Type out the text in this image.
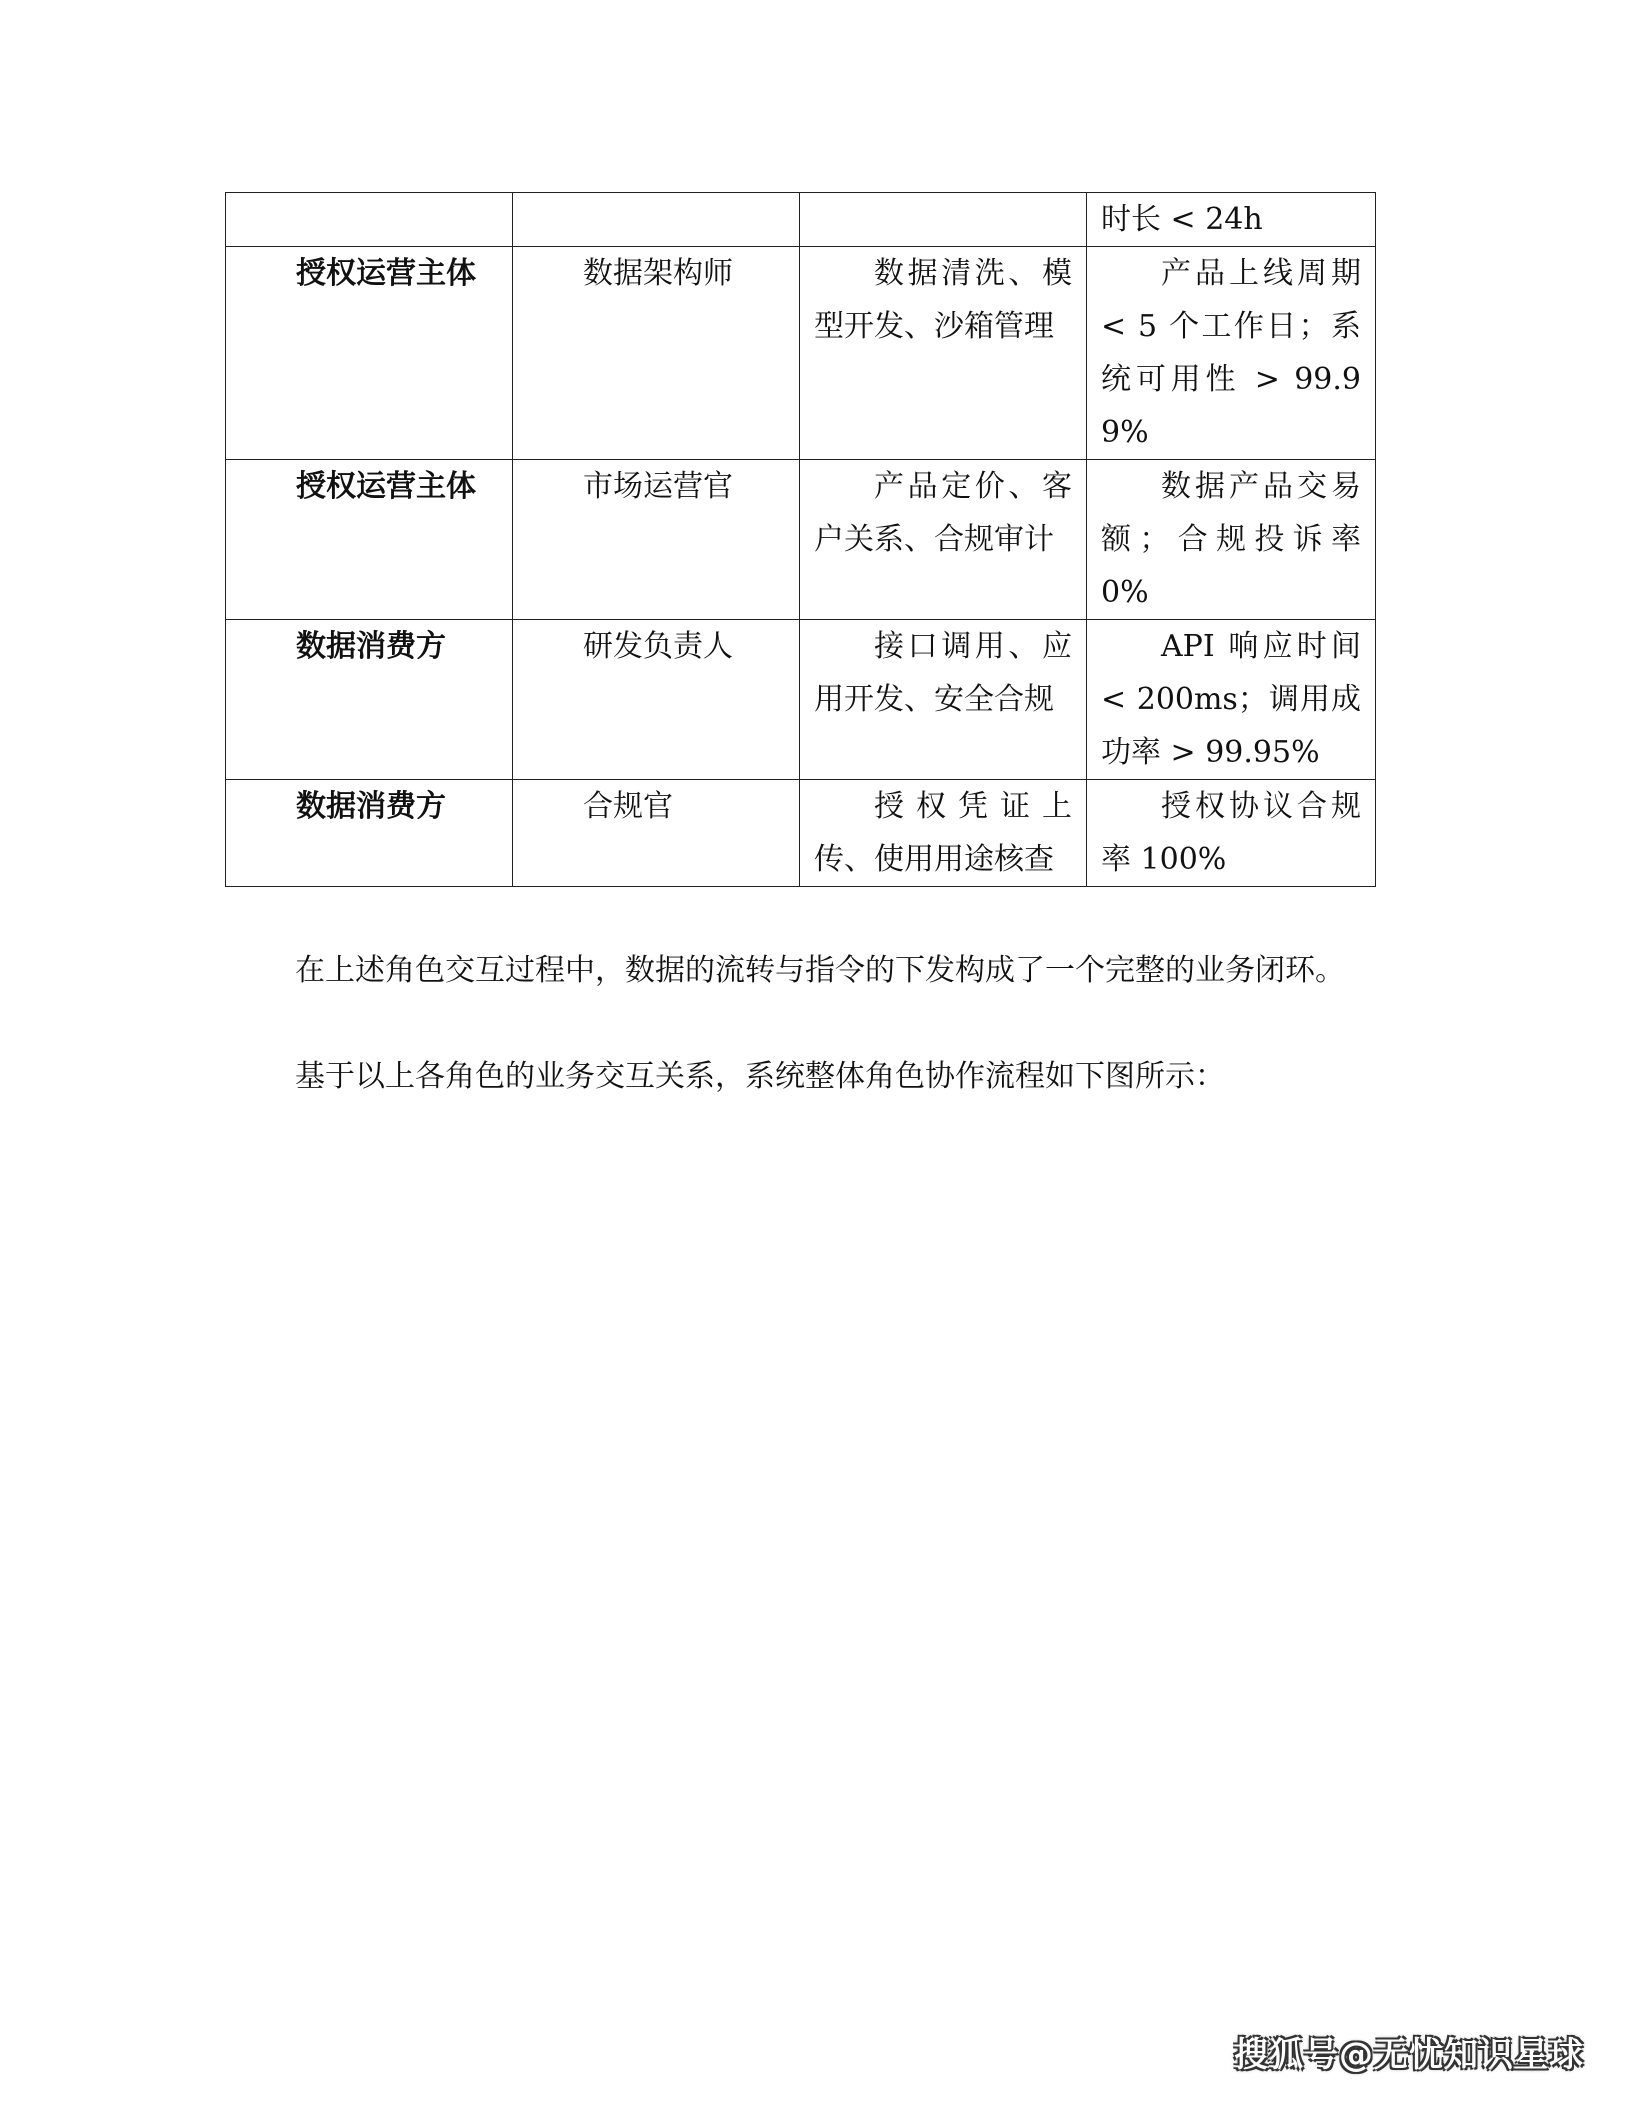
			时长 < 24h

授权运营主体	数据架构师	数据清洗、模型开发、沙箱管理	产品上线周期 < 5 个工作日；系统可用性 > 99.99%

授权运营主体	市场运营官	产品定价、客户关系、合规审计	数据产品交易额；合规投诉率 0%

数据消费方	研发负责人	接口调用、应用开发、安全合规	API 响应时间 < 200ms；调用成功率 > 99.95%

数据消费方	合规官	授权凭证上传、使用用途核查	授权协议合规率 100%

在上述角色交互过程中，数据的流转与指令的下发构成了一个完整的业务闭环。

基于以上各角色的业务交互关系，系统整体角色协作流程如下图所示：

搜狐号@无忧知识星球
